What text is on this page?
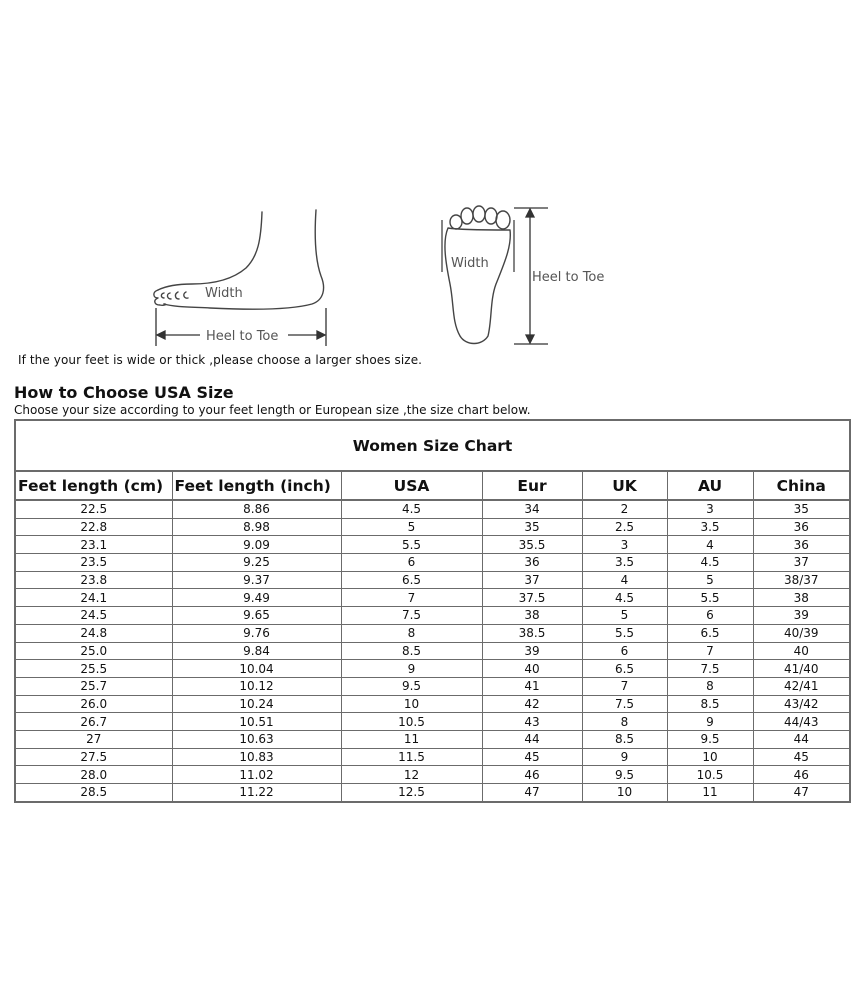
Width
Heel to Toe
Width
Heel to Toe
If the your feet is wide or thick ,please choose a larger shoes size.
How to Choose USA Size
Choose your size according to your feet length or European size ,the size chart below.
Women Size Chart						
Feet length (cm)	Feet length (inch)	USA	Eur	UK	AU	China
22.5	8.86	4.5	34	2	3	35
22.8	8.98	5	35	2.5	3.5	36
23.1	9.09	5.5	35.5	3	4	36
23.5	9.25	6	36	3.5	4.5	37
23.8	9.37	6.5	37	4	5	38/37
24.1	9.49	7	37.5	4.5	5.5	38
24.5	9.65	7.5	38	5	6	39
24.8	9.76	8	38.5	5.5	6.5	40/39
25.0	9.84	8.5	39	6	7	40
25.5	10.04	9	40	6.5	7.5	41/40
25.7	10.12	9.5	41	7	8	42/41
26.0	10.24	10	42	7.5	8.5	43/42
26.7	10.51	10.5	43	8	9	44/43
27	10.63	11	44	8.5	9.5	44
27.5	10.83	11.5	45	9	10	45
28.0	11.02	12	46	9.5	10.5	46
28.5	11.22	12.5	47	10	11	47
